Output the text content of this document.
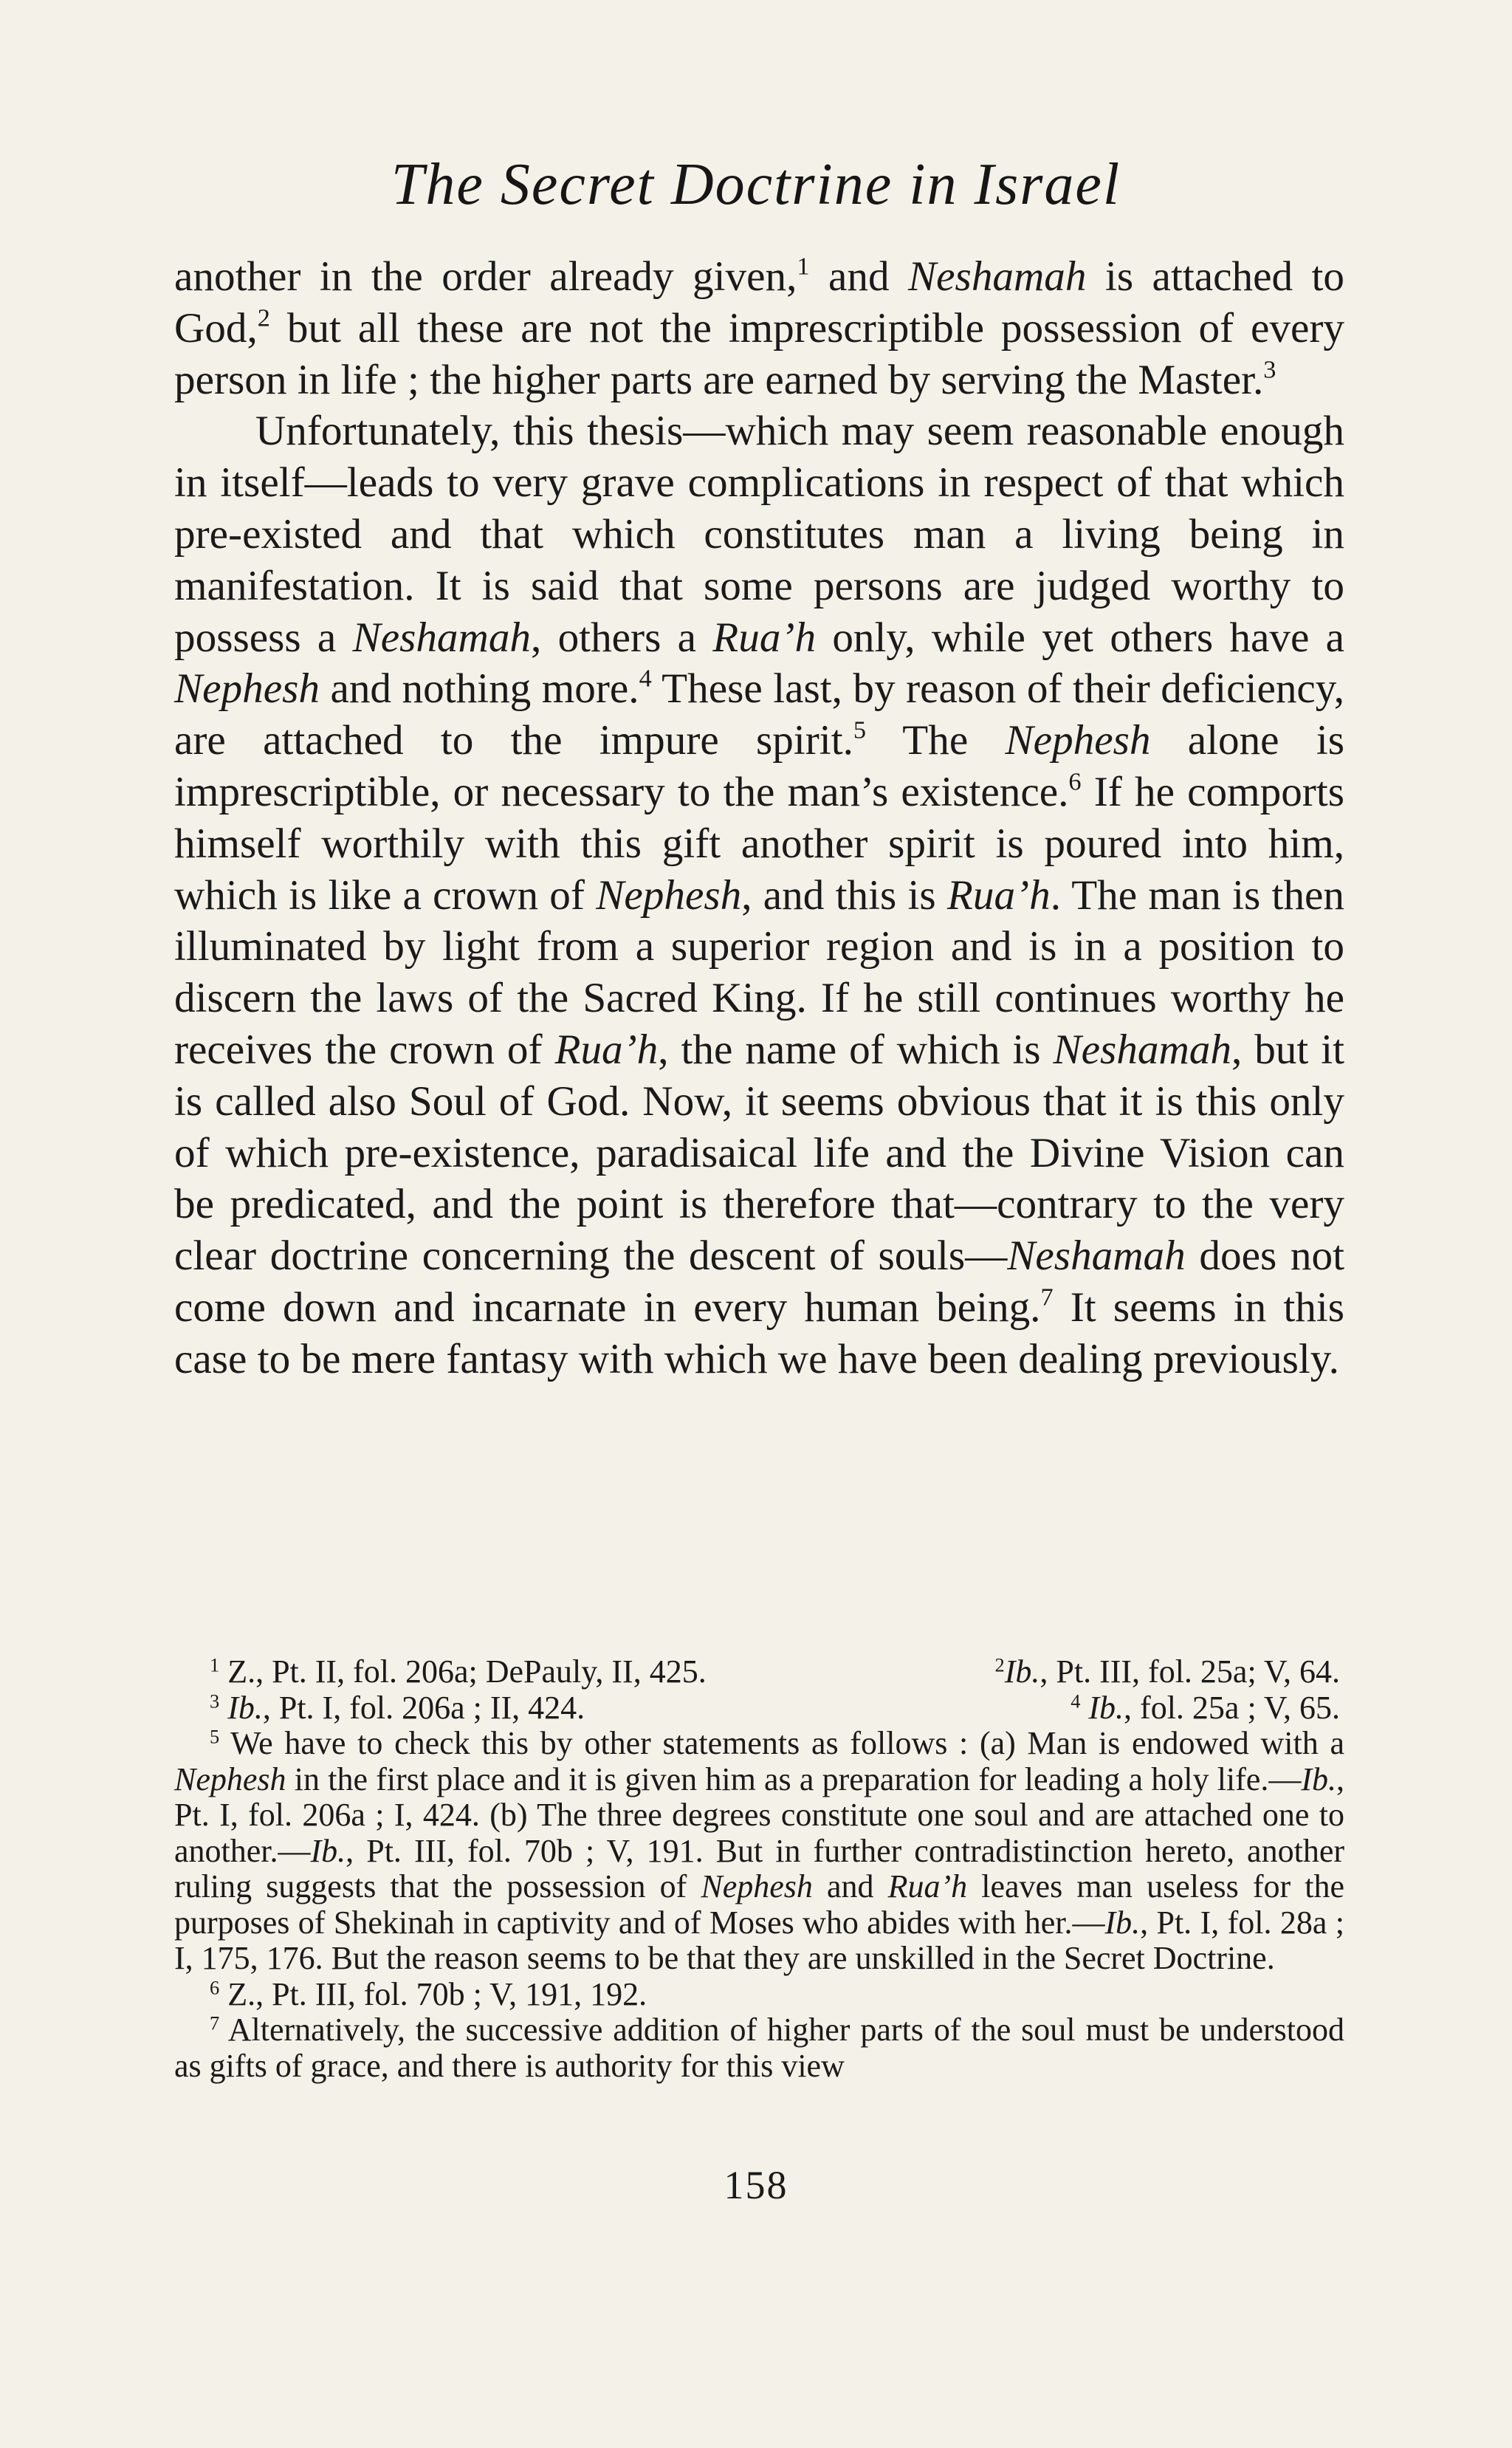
The Secret Doctrine in Israel

another in the order already given,$^1$ and Neshamah is attached to God,$^2$ but all these are not the imprescriptible possession of every person in life ; the higher parts are earned by serving the Master.$^3$

Unfortunately, this thesis—which may seem reasonable enough in itself—leads to very grave complications in respect of that which pre-existed and that which constitutes man a living being in manifestation. It is said that some persons are judged worthy to possess a Neshamah, others a Rua’h only, while yet others have a Nephesh and nothing more.$^4$ These last, by reason of their deficiency, are attached to the impure spirit.$^5$ The Nephesh alone is imprescriptible, or necessary to the man’s existence.$^6$ If he comports himself worthily with this gift another spirit is poured into him, which is like a crown of Nephesh, and this is Rua’h. The man is then illuminated by light from a superior region and is in a position to discern the laws of the Sacred King. If he still continues worthy he receives the crown of Rua’h, the name of which is Neshamah, but it is called also Soul of God. Now, it seems obvious that it is this only of which pre-existence, paradisaical life and the Divine Vision can be predicated, and the point is therefore that—contrary to the very clear doctrine concerning the descent of souls—Neshamah does not come down and incarnate in every human being.$^7$ It seems in this case to be mere fantasy with which we have been dealing previously.

$^1$ Z., Pt. II, fol. 206a; DePauly, II, 425.	$^2$Ib., Pt. III, fol. 25a; V, 64.
$^3$ Ib., Pt. I, fol. 206a ; II, 424.	$^4$ Ib., fol. 25a ; V, 65.

$^5$ We have to check this by other statements as follows : (a) Man is endowed with a Nephesh in the first place and it is given him as a preparation for leading a holy life.—Ib., Pt. I, fol. 206a ; I, 424. (b) The three degrees constitute one soul and are attached one to another.—Ib., Pt. III, fol. 70b ; V, 191. But in further contradistinction hereto, another ruling suggests that the possession of Nephesh and Rua’h leaves man useless for the purposes of Shekinah in captivity and of Moses who abides with her.—Ib., Pt. I, fol. 28a ; I, 175, 176. But the reason seems to be that they are unskilled in the Secret Doctrine.

$^6$ Z., Pt. III, fol. 70b ; V, 191, 192.

$^7$ Alternatively, the successive addition of higher parts of the soul must be understood as gifts of grace, and there is authority for this view

158
